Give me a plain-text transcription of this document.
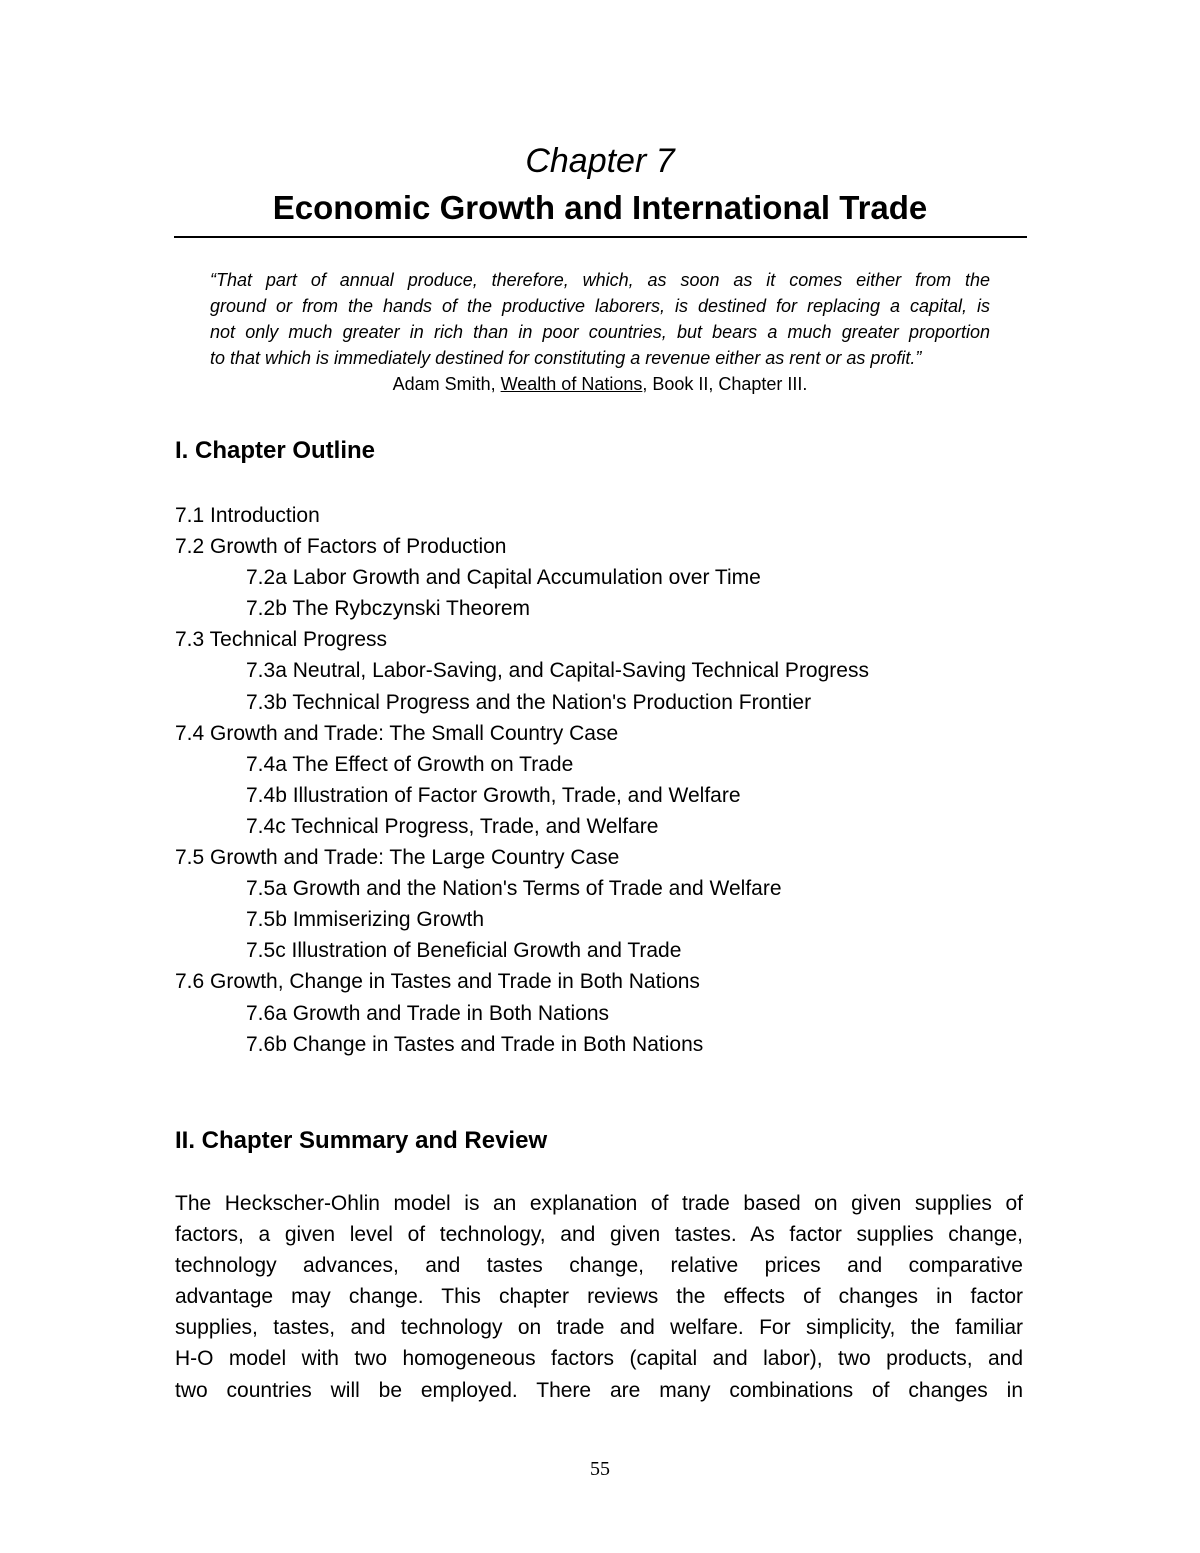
Chapter 7
Economic Growth and International Trade
“That part of annual produce, therefore, which, as soon as it comes either from the
ground or from the hands of the productive laborers, is destined for replacing a capital, is
not only much greater in rich than in poor countries, but bears a much greater proportion
to that which is immediately destined for constituting a revenue either as rent or as profit.”
Adam Smith, Wealth of Nations, Book II, Chapter III.
I. Chapter Outline
7.1 Introduction
7.2 Growth of Factors of Production
7.2a Labor Growth and Capital Accumulation over Time
7.2b The Rybczynski Theorem
7.3 Technical Progress
7.3a Neutral, Labor-Saving, and Capital-Saving Technical Progress
7.3b Technical Progress and the Nation's Production Frontier
7.4 Growth and Trade: The Small Country Case
7.4a The Effect of Growth on Trade
7.4b Illustration of Factor Growth, Trade, and Welfare
7.4c Technical Progress, Trade, and Welfare
7.5 Growth and Trade: The Large Country Case
7.5a Growth and the Nation's Terms of Trade and Welfare
7.5b Immiserizing Growth
7.5c Illustration of Beneficial Growth and Trade
7.6 Growth, Change in Tastes and Trade in Both Nations
7.6a Growth and Trade in Both Nations
7.6b Change in Tastes and Trade in Both Nations
II. Chapter Summary and Review
The Heckscher-Ohlin model is an explanation of trade based on given supplies of
factors, a given level of technology, and given tastes. As factor supplies change,
technology advances, and tastes change, relative prices and comparative
advantage may change. This chapter reviews the effects of changes in factor
supplies, tastes, and technology on trade and welfare. For simplicity, the familiar
H-O model with two homogeneous factors (capital and labor), two products, and
two countries will be employed. There are many combinations of changes in
55
